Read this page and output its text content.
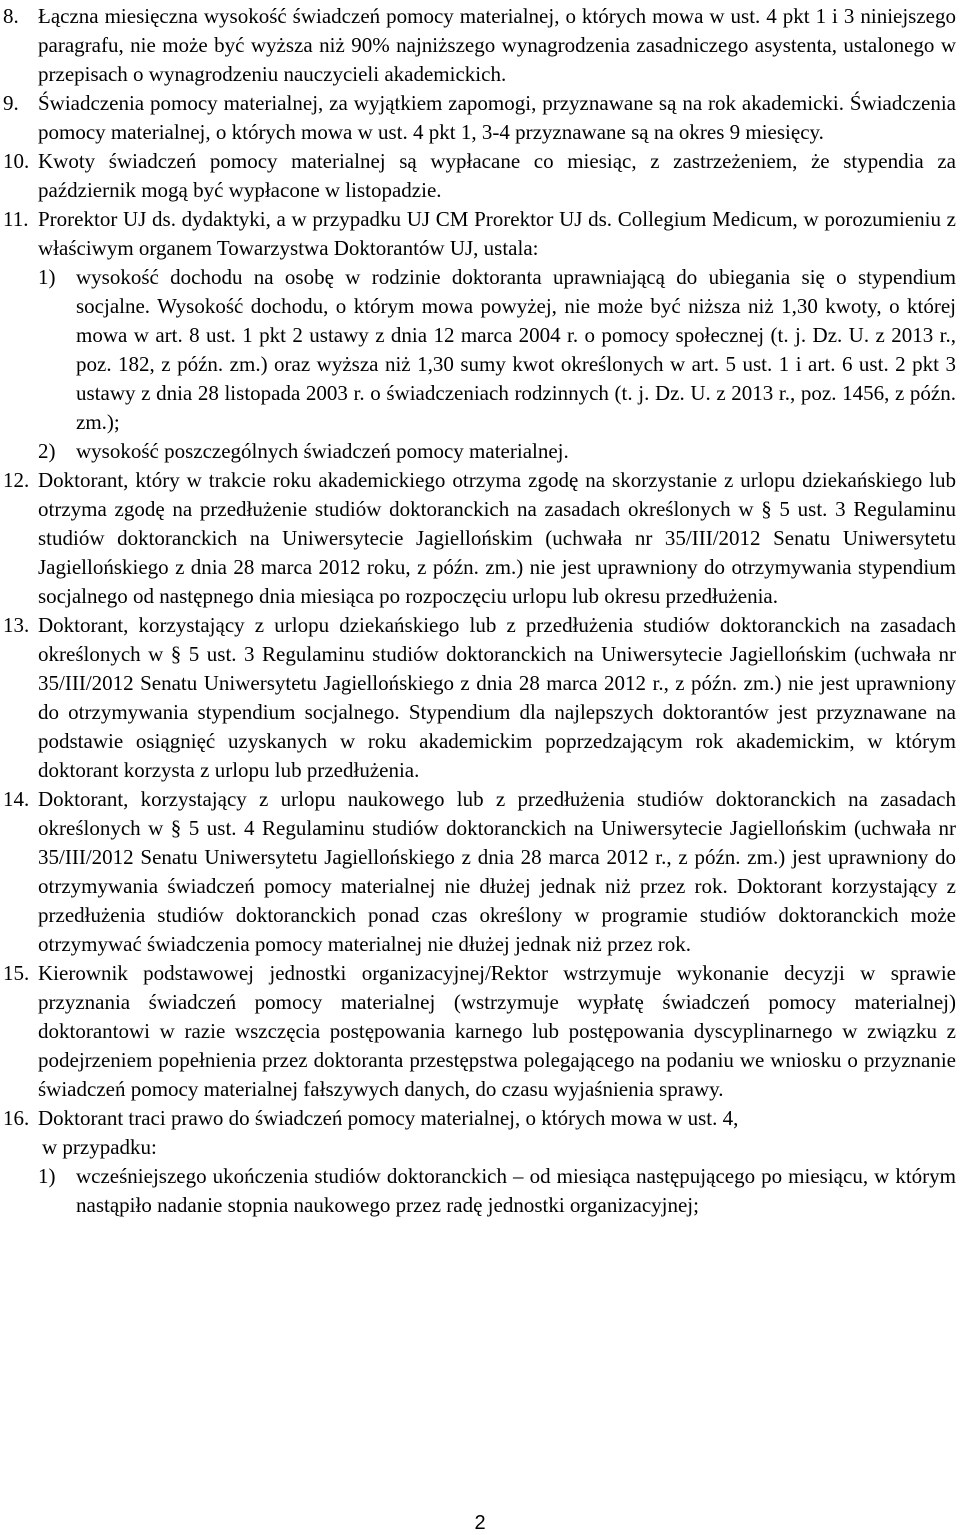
8. Łączna miesięczna wysokość świadczeń pomocy materialnej, o których mowa w ust. 4 pkt 1 i 3 niniejszego paragrafu, nie może być wyższa niż 90% najniższego wynagrodzenia zasadniczego asystenta, ustalonego w przepisach o wynagrodzeniu nauczycieli akademickich.
9. Świadczenia pomocy materialnej, za wyjątkiem zapomogi, przyznawane są na rok akademicki. Świadczenia pomocy materialnej, o których mowa w ust. 4 pkt 1, 3-4 przyznawane są na okres 9 miesięcy.
10. Kwoty świadczeń pomocy materialnej są wypłacane co miesiąc, z zastrzeżeniem, że stypendia za październik mogą być wypłacone w listopadzie.
11. Prorektor UJ ds. dydaktyki, a w przypadku UJ CM Prorektor UJ ds. Collegium Medicum, w porozumieniu z właściwym organem Towarzystwa Doktorantów UJ, ustala:
1) wysokość dochodu na osobę w rodzinie doktoranta uprawniającą do ubiegania się o stypendium socjalne. Wysokość dochodu, o którym mowa powyżej, nie może być niższa niż 1,30 kwoty, o której mowa w art. 8 ust. 1 pkt 2 ustawy z dnia 12 marca 2004 r. o pomocy społecznej (t. j. Dz. U. z 2013 r., poz. 182, z późn. zm.) oraz wyższa niż 1,30 sumy kwot określonych w art. 5 ust. 1 i art. 6 ust. 2 pkt 3 ustawy z dnia 28 listopada 2003 r. o świadczeniach rodzinnych (t. j. Dz. U. z 2013 r., poz. 1456, z późn. zm.);
2) wysokość poszczególnych świadczeń pomocy materialnej.
12. Doktorant, który w trakcie roku akademickiego otrzyma zgodę na skorzystanie z urlopu dziekańskiego lub otrzyma zgodę na przedłużenie studiów doktoranckich na zasadach określonych w § 5 ust. 3 Regulaminu studiów doktoranckich na Uniwersytecie Jagiellońskim (uchwała nr 35/III/2012 Senatu Uniwersytetu Jagiellońskiego z dnia 28 marca 2012 roku, z późn. zm.) nie jest uprawniony do otrzymywania stypendium socjalnego od następnego dnia miesiąca po rozpoczęciu urlopu lub okresu przedłużenia.
13. Doktorant, korzystający z urlopu dziekańskiego lub z przedłużenia studiów doktoranckich na zasadach określonych w § 5 ust. 3 Regulaminu studiów doktoranckich na Uniwersytecie Jagiellońskim (uchwała nr 35/III/2012 Senatu Uniwersytetu Jagiellońskiego z dnia 28 marca 2012 r., z późn. zm.) nie jest uprawniony do otrzymywania stypendium socjalnego. Stypendium dla najlepszych doktorantów jest przyznawane na podstawie osiągnięć uzyskanych w roku akademickim poprzedzającym rok akademickim, w którym doktorant korzysta z urlopu lub przedłużenia.
14. Doktorant, korzystający z urlopu naukowego lub z przedłużenia studiów doktoranckich na zasadach określonych w § 5 ust. 4 Regulaminu studiów doktoranckich na Uniwersytecie Jagiellońskim (uchwała nr 35/III/2012 Senatu Uniwersytetu Jagiellońskiego z dnia 28 marca 2012 r., z późn. zm.) jest uprawniony do otrzymywania świadczeń pomocy materialnej nie dłużej jednak niż przez rok. Doktorant korzystający z przedłużenia studiów doktoranckich ponad czas określony w programie studiów doktoranckich może otrzymywać świadczenia pomocy materialnej nie dłużej jednak niż przez rok.
15. Kierownik podstawowej jednostki organizacyjnej/Rektor wstrzymuje wykonanie decyzji w sprawie przyznania świadczeń pomocy materialnej (wstrzymuje wypłatę świadczeń pomocy materialnej) doktorantowi w razie wszczęcia postępowania karnego lub postępowania dyscyplinarnego w związku z podejrzeniem popełnienia przez doktoranta przestępstwa polegającego na podaniu we wniosku o przyznanie świadczeń pomocy materialnej fałszywych danych, do czasu wyjaśnienia sprawy.
16. Doktorant traci prawo do świadczeń pomocy materialnej, o których mowa w ust. 4,
w przypadku:
1) wcześniejszego ukończenia studiów doktoranckich – od miesiąca następującego po miesiącu, w którym nastąpiło nadanie stopnia naukowego przez radę jednostki organizacyjnej;
2
